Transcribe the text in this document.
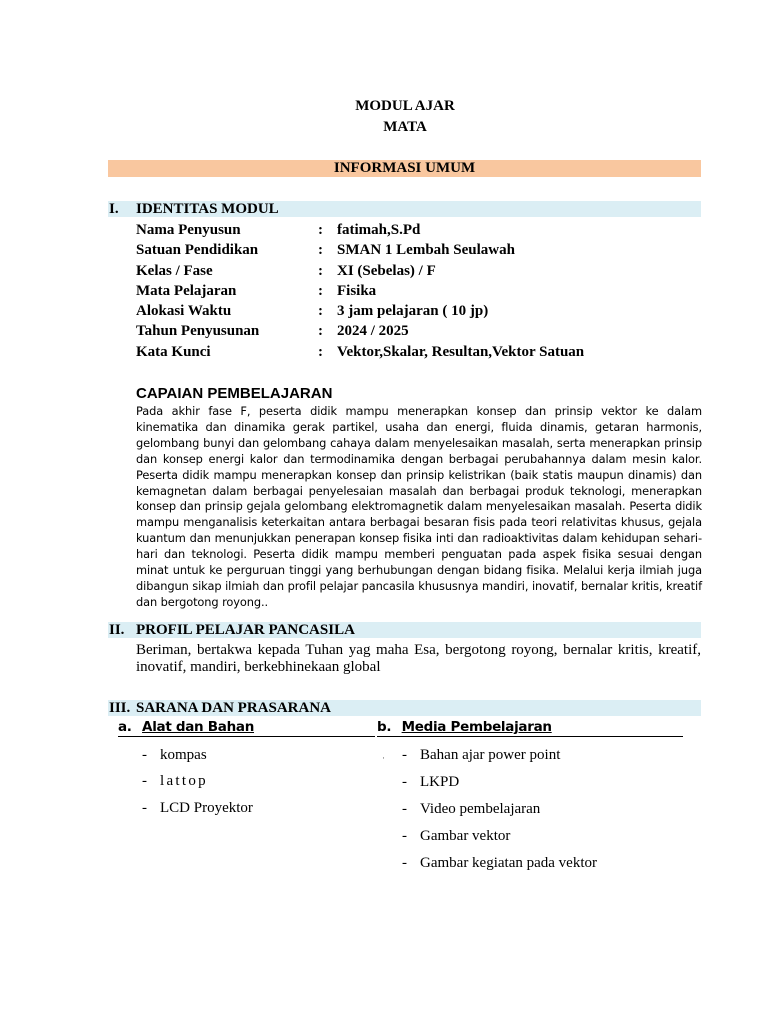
MODUL AJAR
MATA
INFORMASI UMUM
I. IDENTITAS MODUL
Nama Penyusun	: fatimah,S.Pd
Satuan Pendidikan	: SMAN 1 Lembah Seulawah
Kelas / Fase	: XI (Sebelas) / F
Mata Pelajaran	: Fisika
Alokasi Waktu	: 3 jam pelajaran ( 10 jp)
Tahun Penyusunan	: 2024 / 2025
Kata Kunci	: Vektor,Skalar, Resultan,Vektor Satuan
CAPAIAN PEMBELAJARAN
Pada akhir fase F, peserta didik mampu menerapkan konsep dan prinsip vektor ke dalam kinematika dan dinamika gerak partikel, usaha dan energi, fluida dinamis, getaran harmonis, gelombang bunyi dan gelombang cahaya dalam menyelesaikan masalah, serta menerapkan prinsip dan konsep energi kalor dan termodinamika dengan berbagai perubahannya dalam mesin kalor. Peserta didik mampu menerapkan konsep dan prinsip kelistrikan (baik statis maupun dinamis) dan kemagnetan dalam berbagai penyelesaian masalah dan berbagai produk teknologi, menerapkan konsep dan prinsip gejala gelombang elektromagnetik dalam menyelesaikan masalah. Peserta didik mampu menganalisis keterkaitan antara berbagai besaran fisis pada teori relativitas khusus, gejala kuantum dan menunjukkan penerapan konsep fisika inti dan radioaktivitas dalam kehidupan sehari-hari dan teknologi. Peserta didik mampu memberi penguatan pada aspek fisika sesuai dengan minat untuk ke perguruan tinggi yang berhubungan dengan bidang fisika. Melalui kerja ilmiah juga dibangun sikap ilmiah dan profil pelajar pancasila khususnya mandiri, inovatif, bernalar kritis, kreatif dan bergotong royong..
II. PROFIL PELAJAR PANCASILA
Beriman, bertakwa kepada Tuhan yag maha Esa, bergotong royong, bernalar kritis, kreatif, inovatif, mandiri, berkebhinekaan global
III. SARANA DAN PRASARANA
a. Alat dan Bahan	b. Media Pembelajaran
- kompas
- lattop
- LCD Proyektor
· - Bahan ajar power point
- LKPD
- Video pembelajaran
- Gambar vektor
- Gambar kegiatan pada vektor
